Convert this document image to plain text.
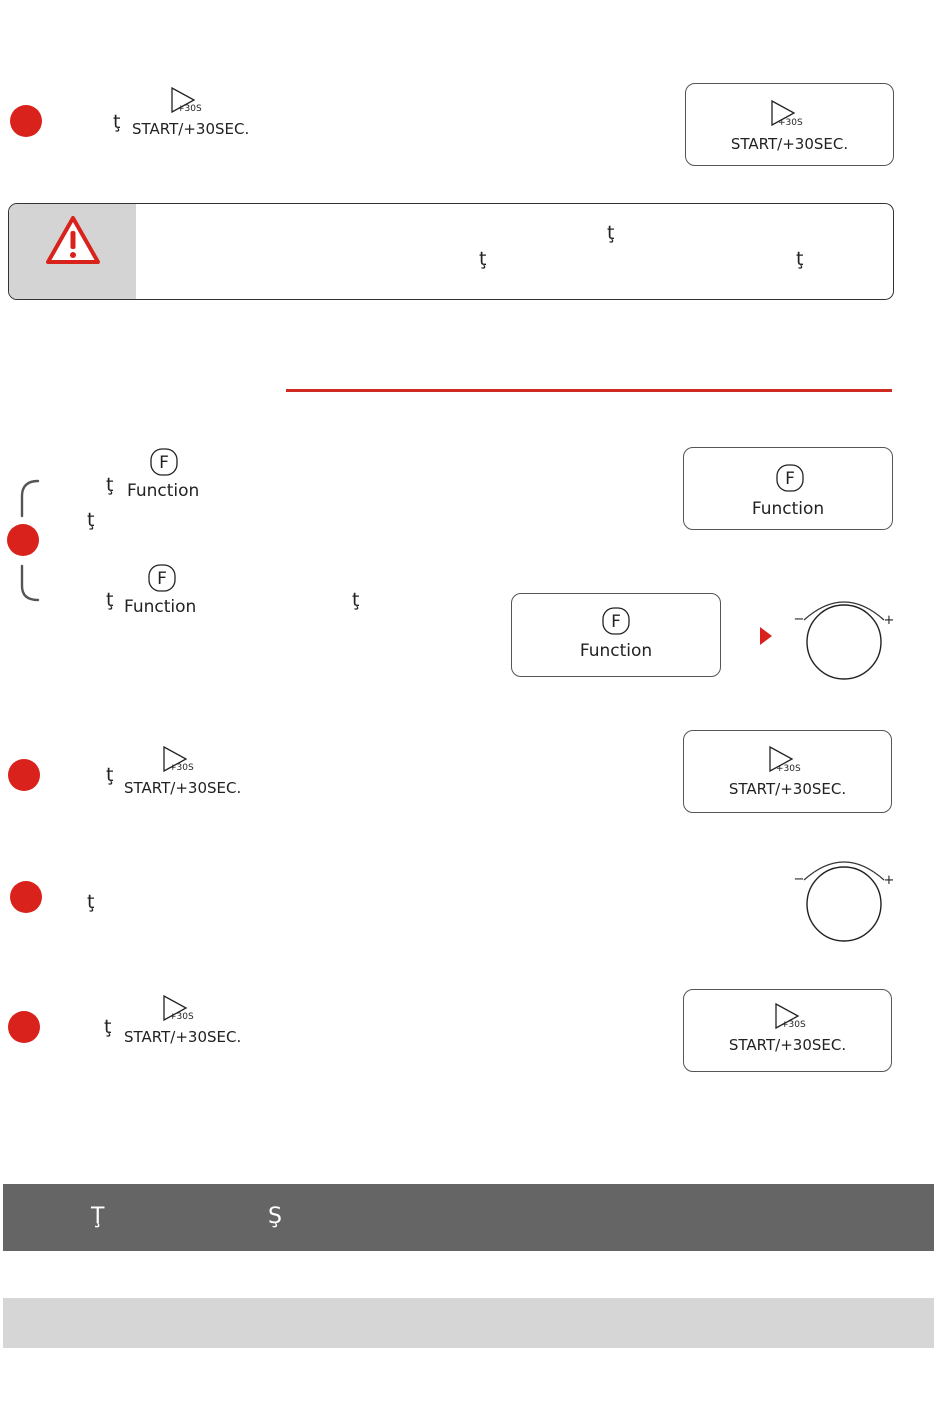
ţ
+30S
START/+30SEC.	+30S
START/+30SEC.
ţ
ţ	ţ
ţ
F
Function
ţ
F
Function
ţ
F
Function	ţ
F
Function
−	+
ţ	+30S
START/+30SEC.
+30S
START/+30SEC.
ţ
−	+
ţ	+30S
START/+30SEC.
+30S
START/+30SEC.
Ţ	Ş
